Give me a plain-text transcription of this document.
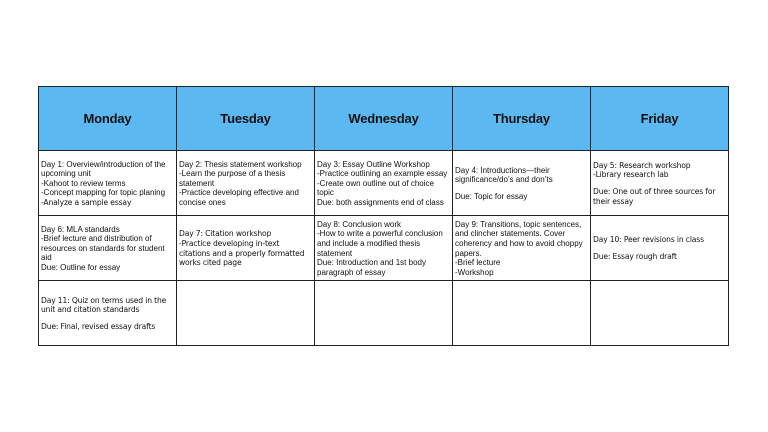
Monday	Tuesday	Wednesday	Thursday	Friday

Day 1: Overview/introduction of the upcoming unit
-Kahoot to review terms
-Concept mapping for topic planing
-Analyze a sample essay	Day 2: Thesis statement workshop
-Learn the purpose of a thesis statement
-Practice developing effective and concise ones	Day 3: Essay Outline Workshop
-Practice outlining an example essay
-Create own outline out of choice topic
Due: both assignments end of class	Day 4: Introductions—their significance/do’s and don’ts
Due: Topic for essay	Day 5: Research workshop
-Library research lab
Due: One out of three sources for their essay

Day 6: MLA standards
-Brief lecture and distribution of resources on standards for student aid
Due: Outline for essay	Day 7: Citation workshop
-Practice developing in-text citations and a properly formatted works cited page	Day 8: Conclusion work
-How to write a powerful conclusion and include a modified thesis statement
Due: Introduction and 1st body paragraph of essay	Day 9: Transitions, topic sentences, and clincher statements. Cover coherency and how to avoid choppy papers.
-Brief lecture
-Workshop	Day 10: Peer revisions in class
Due: Essay rough draft

Day 11: Quiz on terms used in the unit and citation standards
Due: Final, revised essay drafts				
